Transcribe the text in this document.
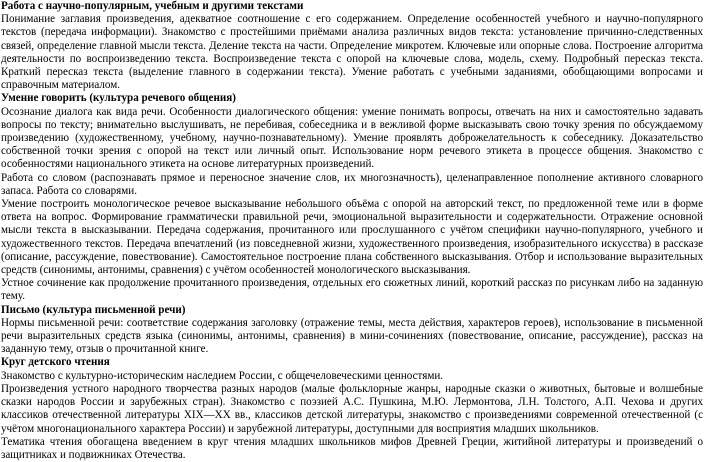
Работа с научно-популярным, учебным и другими текстами

Понимание заглавия произведения, адекватное соотношение с его содержанием. Определение особенностей учебного и научно-популярного текстов (передача информации). Знакомство с простейшими приёмами анализа различных видов текста: установление причинно-следственных связей, определение главной мысли текста. Деление текста на части. Определение микротем. Ключевые или опорные слова. Построение алгоритма деятельности по воспроизведению текста. Воспроизведение текста с опорой на ключевые слова, модель, схему. Подробный пересказ текста. Краткий пересказ текста (выделение главного в содержании текста). Умение работать с учебными заданиями, обобщающими вопросами и справочным материалом.

Умение говорить (культура речевого общения)

Осознание диалога как вида речи. Особенности диалогического общения: умение понимать вопросы, отвечать на них и самостоятельно задавать вопросы по тексту; внимательно выслушивать, не перебивая, собеседника и в вежливой форме высказывать свою точку зрения по обсуждаемому произведению (художественному, учебному, научно-познавательному). Умение проявлять доброжелательность к собеседнику. Доказательство собственной точки зрения с опорой на текст или личный опыт. Использование норм речевого этикета в процессе общения. Знакомство с особенностями национального этикета на основе литературных произведений.

Работа со словом (распознавать прямое и переносное значение слов, их многозначность), целенаправленное пополнение активного словарного запаса. Работа со словарями.

Умение построить монологическое речевое высказывание небольшого объёма с опорой на авторский текст, по предложенной теме или в форме ответа на вопрос. Формирование грамматически правильной речи, эмоциональной выразительности и содержательности. Отражение основной мысли текста в высказывании. Передача содержания, прочитанного или прослушанного с учётом специфики научно-популярного, учебного и художественного текстов. Передача впечатлений (из повседневной жизни, художественного произведения, изобразительного искусства) в рассказе (описание, рассуждение, повествование). Самостоятельное построение плана собственного высказывания. Отбор и использование выразительных средств (синонимы, антонимы, сравнения) с учётом особенностей монологического высказывания.

Устное сочинение как продолжение прочитанного произведения, отдельных его сюжетных линий, короткий рассказ по рисункам либо на заданную тему.

Письмо (культура письменной речи)

Нормы письменной речи: соответствие содержания заголовку (отражение темы, места действия, характеров героев), использование в письменной речи выразительных средств языка (синонимы, антонимы, сравнения) в мини-сочинениях (повествование, описание, рассуждение), рассказ на заданную тему, отзыв о прочитанной книге.

Круг детского чтения

Знакомство с культурно-историческим наследием России, с общечеловеческими ценностями.

Произведения устного народного творчества разных народов (малые фольклорные жанры, народные сказки о животных, бытовые и волшебные сказки народов России и зарубежных стран). Знакомство с поэзией А.С. Пушкина, М.Ю. Лермонтова, Л.Н. Толстого, А.П. Чехова и других классиков отечественной литературы XIX—XX вв., классиков детской литературы, знакомство с произведениями современной отечественной (с учётом многонационального характера России) и зарубежной литературы, доступными для восприятия младших школьников.

Тематика чтения обогащена введением в круг чтения младших школьников мифов Древней Греции, житийной литературы и произведений о защитниках и подвижниках Отечества.
